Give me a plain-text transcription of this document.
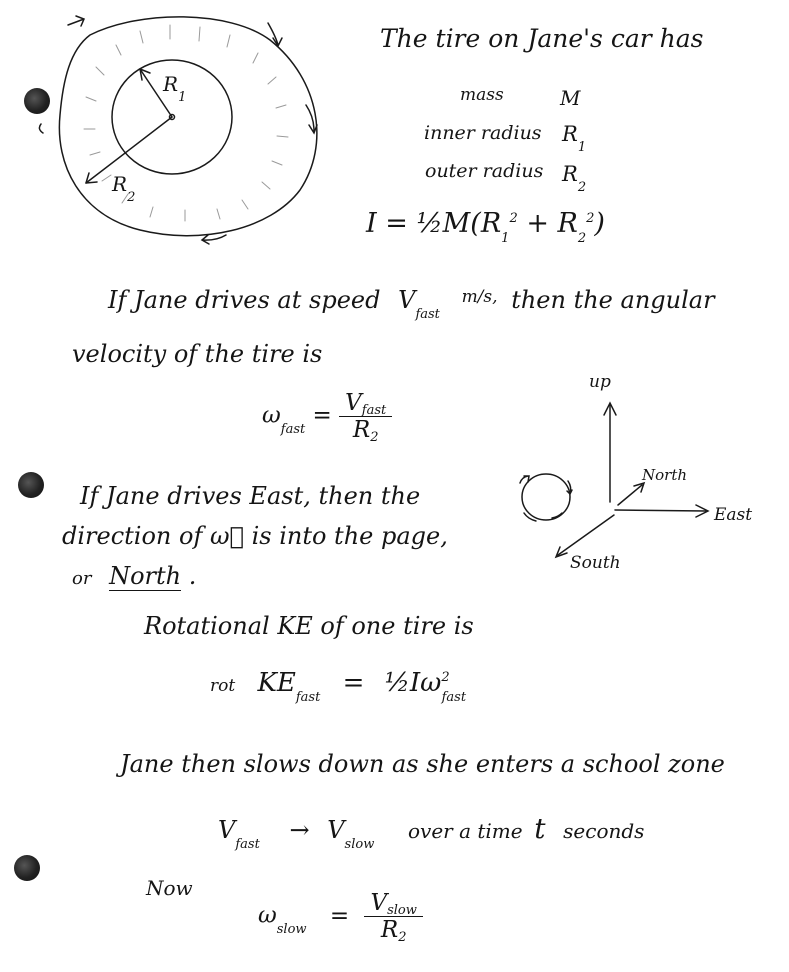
$R_1$
$R_2$
The tire on Jane's car has
mass	M
inner radius $R_1$
outer radius $R_2$
$I = \frac{1}{2}M(R_1^2 + R_2^2)$
If Jane drives at speed $V_{fast}$ $^{m/s,}$ then the angular
velocity of the tire is
$\omega_{fast} = \frac{\text{Vfast}}{R2}$
If Jane drives East, then the
direction of ω⃗ is into the page,
or North .
up
North
East
South
Rotational KE of one tire is
rot $KE_{fast}$ = $\frac{1}{2}I\omega^2_{fast}$
Jane then slows down as she enters a school zone
$V_{fast} \to V_{slow}$ over a time t seconds
Now
$\omega_{slow} = \frac{\text{Vslow}}{R2}$
